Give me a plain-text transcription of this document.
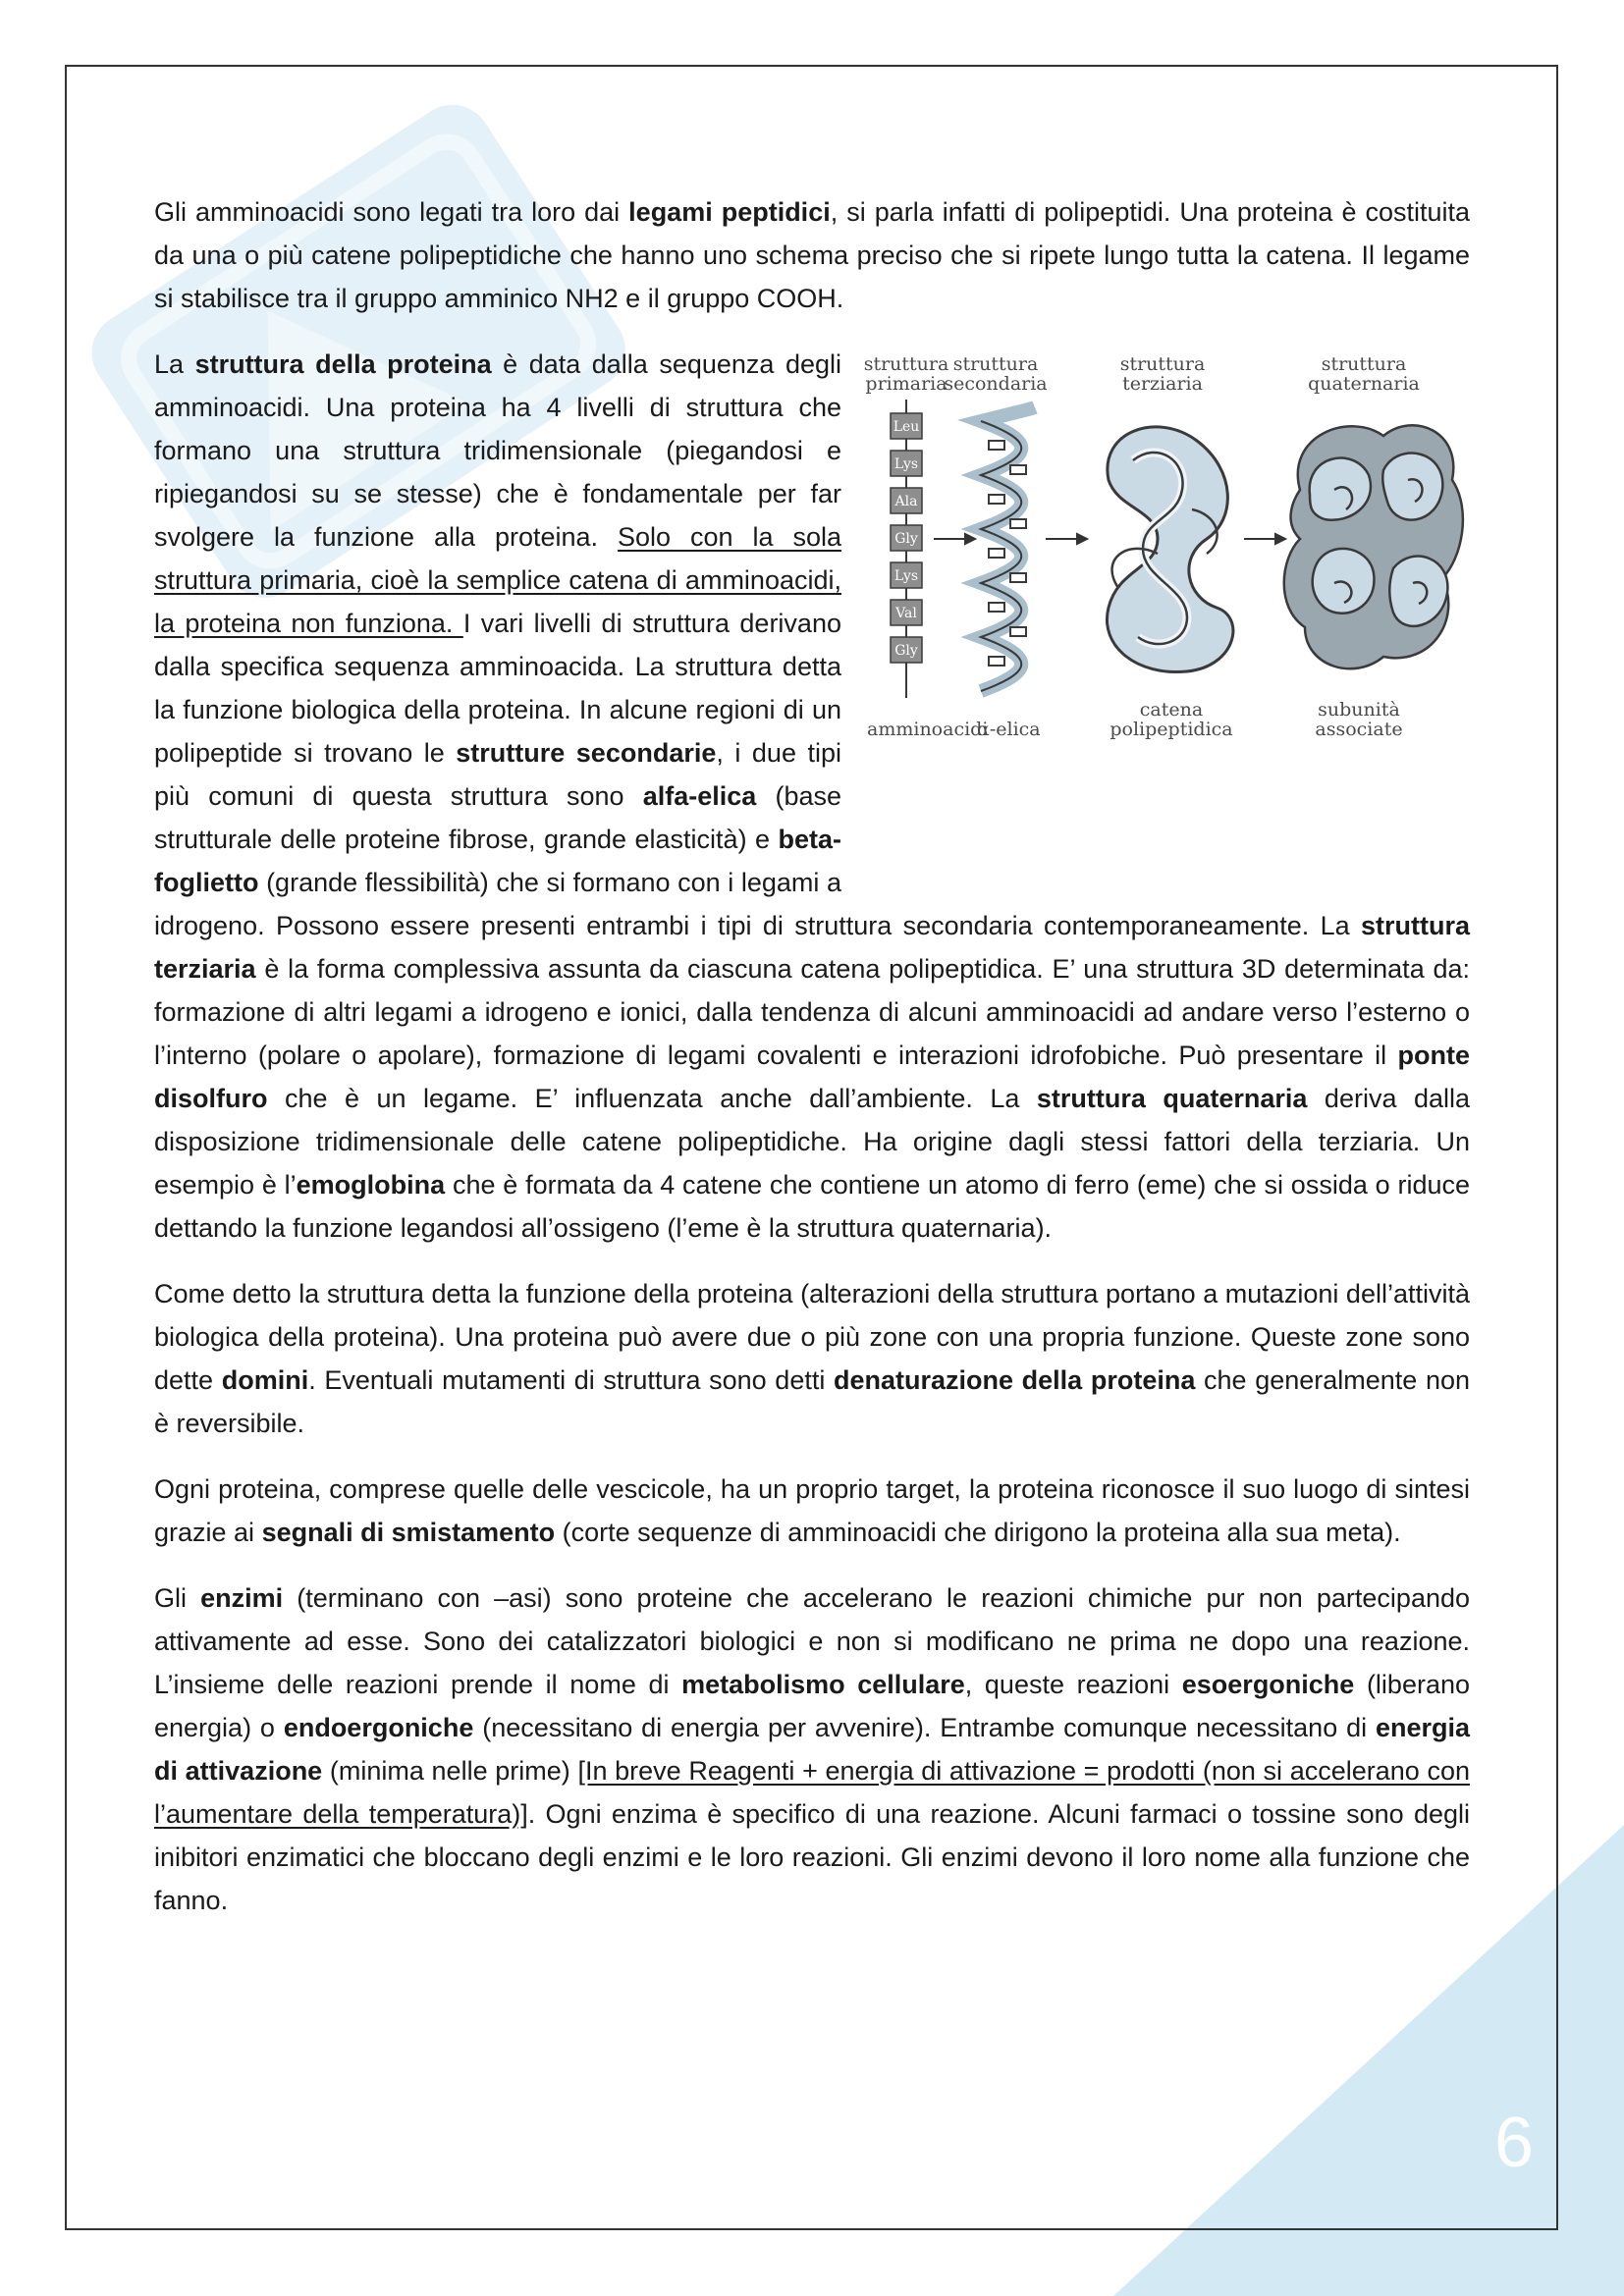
Gli amminoacidi sono legati tra loro dai legami peptidici, si parla infatti di polipeptidi. Una proteina è costituita da una o più catene polipeptidiche che hanno uno schema preciso che si ripete lungo tutta la catena. Il legame si stabilisce tra il gruppo amminico NH2 e il gruppo COOH.

struttura
primaria
struttura
secondaria
struttura
terziaria
struttura
quaternaria
catena
polipeptidica
subunità
associate
amminoacidi
α-elica
Leu
Lys
Ala
Gly
Lys
Val
Gly

La struttura della proteina è data dalla sequenza degli amminoacidi. Una proteina ha 4 livelli di struttura che formano una struttura tridimensionale (piegandosi e ripiegandosi su se stesse) che è fondamentale per far svolgere la funzione alla proteina. Solo con la sola struttura primaria, cioè la semplice catena di amminoacidi, la proteina non funziona. I vari livelli di struttura derivano dalla specifica sequenza amminoacida. La struttura detta la funzione biologica della proteina. In alcune regioni di un polipeptide si trovano le strutture secondarie, i due tipi più comuni di questa struttura sono alfa-elica (base strutturale delle proteine fibrose, grande elasticità) e beta-foglietto (grande flessibilità) che si formano con i legami a idrogeno. Possono essere presenti entrambi i tipi di struttura secondaria contemporaneamente. La struttura terziaria è la forma complessiva assunta da ciascuna catena polipeptidica. E’ una struttura 3D determinata da: formazione di altri legami a idrogeno e ionici, dalla tendenza di alcuni amminoacidi ad andare verso l’esterno o l’interno (polare o apolare), formazione di legami covalenti e interazioni idrofobiche. Può presentare il ponte disolfuro che è un legame. E’ influenzata anche dall’ambiente. La struttura quaternaria deriva dalla disposizione tridimensionale delle catene polipeptidiche. Ha origine dagli stessi fattori della terziaria. Un esempio è l’emoglobina che è formata da 4 catene che contiene un atomo di ferro (eme) che si ossida o riduce dettando la funzione legandosi all’ossigeno (l’eme è la struttura quaternaria).

Come detto la struttura detta la funzione della proteina (alterazioni della struttura portano a mutazioni dell’attività biologica della proteina). Una proteina può avere due o più zone con una propria funzione. Queste zone sono dette domini. Eventuali mutamenti di struttura sono detti denaturazione della proteina che generalmente non è reversibile.

Ogni proteina, comprese quelle delle vescicole, ha un proprio target, la proteina riconosce il suo luogo di sintesi grazie ai segnali di smistamento (corte sequenze di amminoacidi che dirigono la proteina alla sua meta).

Gli enzimi (terminano con –asi) sono proteine che accelerano le reazioni chimiche pur non partecipando attivamente ad esse. Sono dei catalizzatori biologici e non si modificano ne prima ne dopo una reazione. L’insieme delle reazioni prende il nome di metabolismo cellulare, queste reazioni esoergoniche (liberano energia) o endoergoniche (necessitano di energia per avvenire). Entrambe comunque necessitano di energia di attivazione (minima nelle prime) [In breve Reagenti + energia di attivazione = prodotti (non si accelerano con l’aumentare della temperatura)]. Ogni enzima è specifico di una reazione. Alcuni farmaci o tossine sono degli inibitori enzimatici che bloccano degli enzimi e le loro reazioni. Gli enzimi devono il loro nome alla funzione che fanno.

6
